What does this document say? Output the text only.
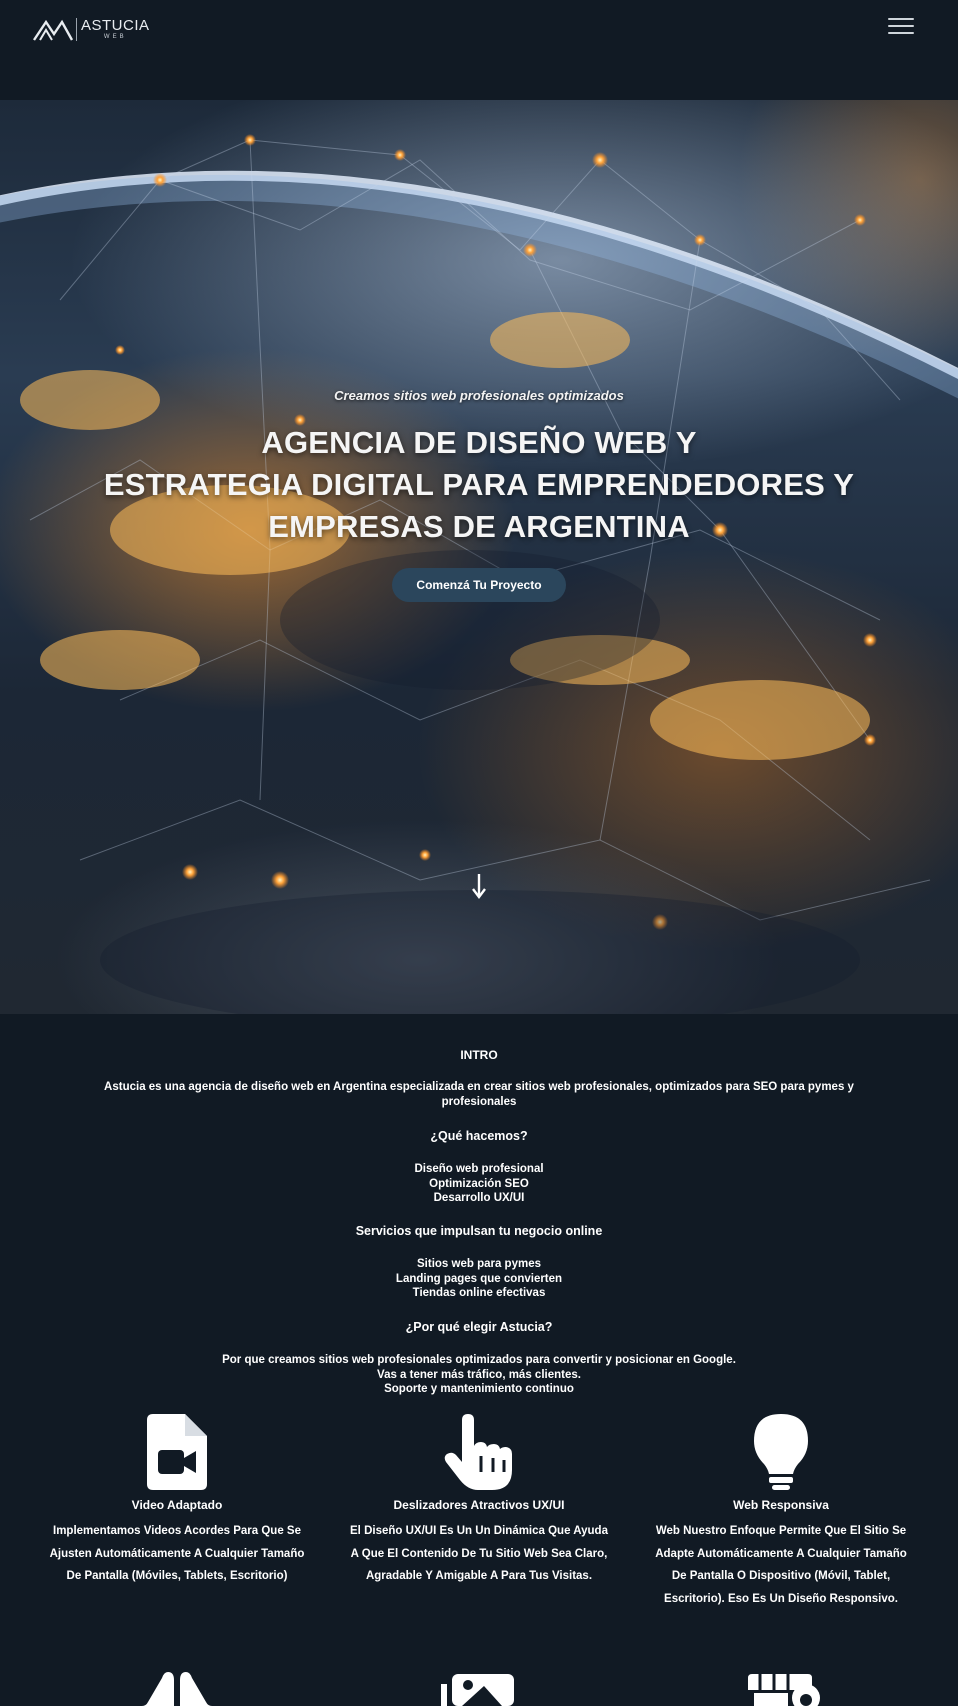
ASTUCIA
WEB

Creamos sitios web profesionales optimizados

AGENCIA DE DISEÑO WEB Y
ESTRATEGIA DIGITAL PARA EMPRENDEDORES Y
EMPRESAS DE ARGENTINA
Comenzá Tu Proyecto
INTRO

Astucia es una agencia de diseño web en Argentina especializada en crear sitios web profesionales, optimizados para SEO para pymes y profesionales

¿Qué hacemos?

Diseño web profesional
Optimización SEO
Desarrollo UX/UI

Servicios que impulsan tu negocio online

Sitios web para pymes
Landing pages que convierten
Tiendas online efectivas

¿Por qué elegir Astucia?

Por que creamos sitios web profesionales optimizados para convertir y posicionar en Google.
Vas a tener más tráfico, más clientes.
Soporte y mantenimiento continuo

Video Adaptado

Implementamos Videos Acordes Para Que Se
Ajusten Automáticamente A Cualquier Tamaño
De Pantalla (Móviles, Tablets, Escritorio)

Deslizadores Atractivos UX/UI

El Diseño UX/UI Es Un Un Dinámica Que Ayuda
A Que El Contenido De Tu Sitio Web Sea Claro,
Agradable Y Amigable A Para Tus Visitas.

Web Responsiva

Web Nuestro Enfoque Permite Que El Sitio Se
Adapte Automáticamente A Cualquier Tamaño
De Pantalla O Dispositivo (Móvil, Tablet,
Escritorio). Eso Es Un Diseño Responsivo.
